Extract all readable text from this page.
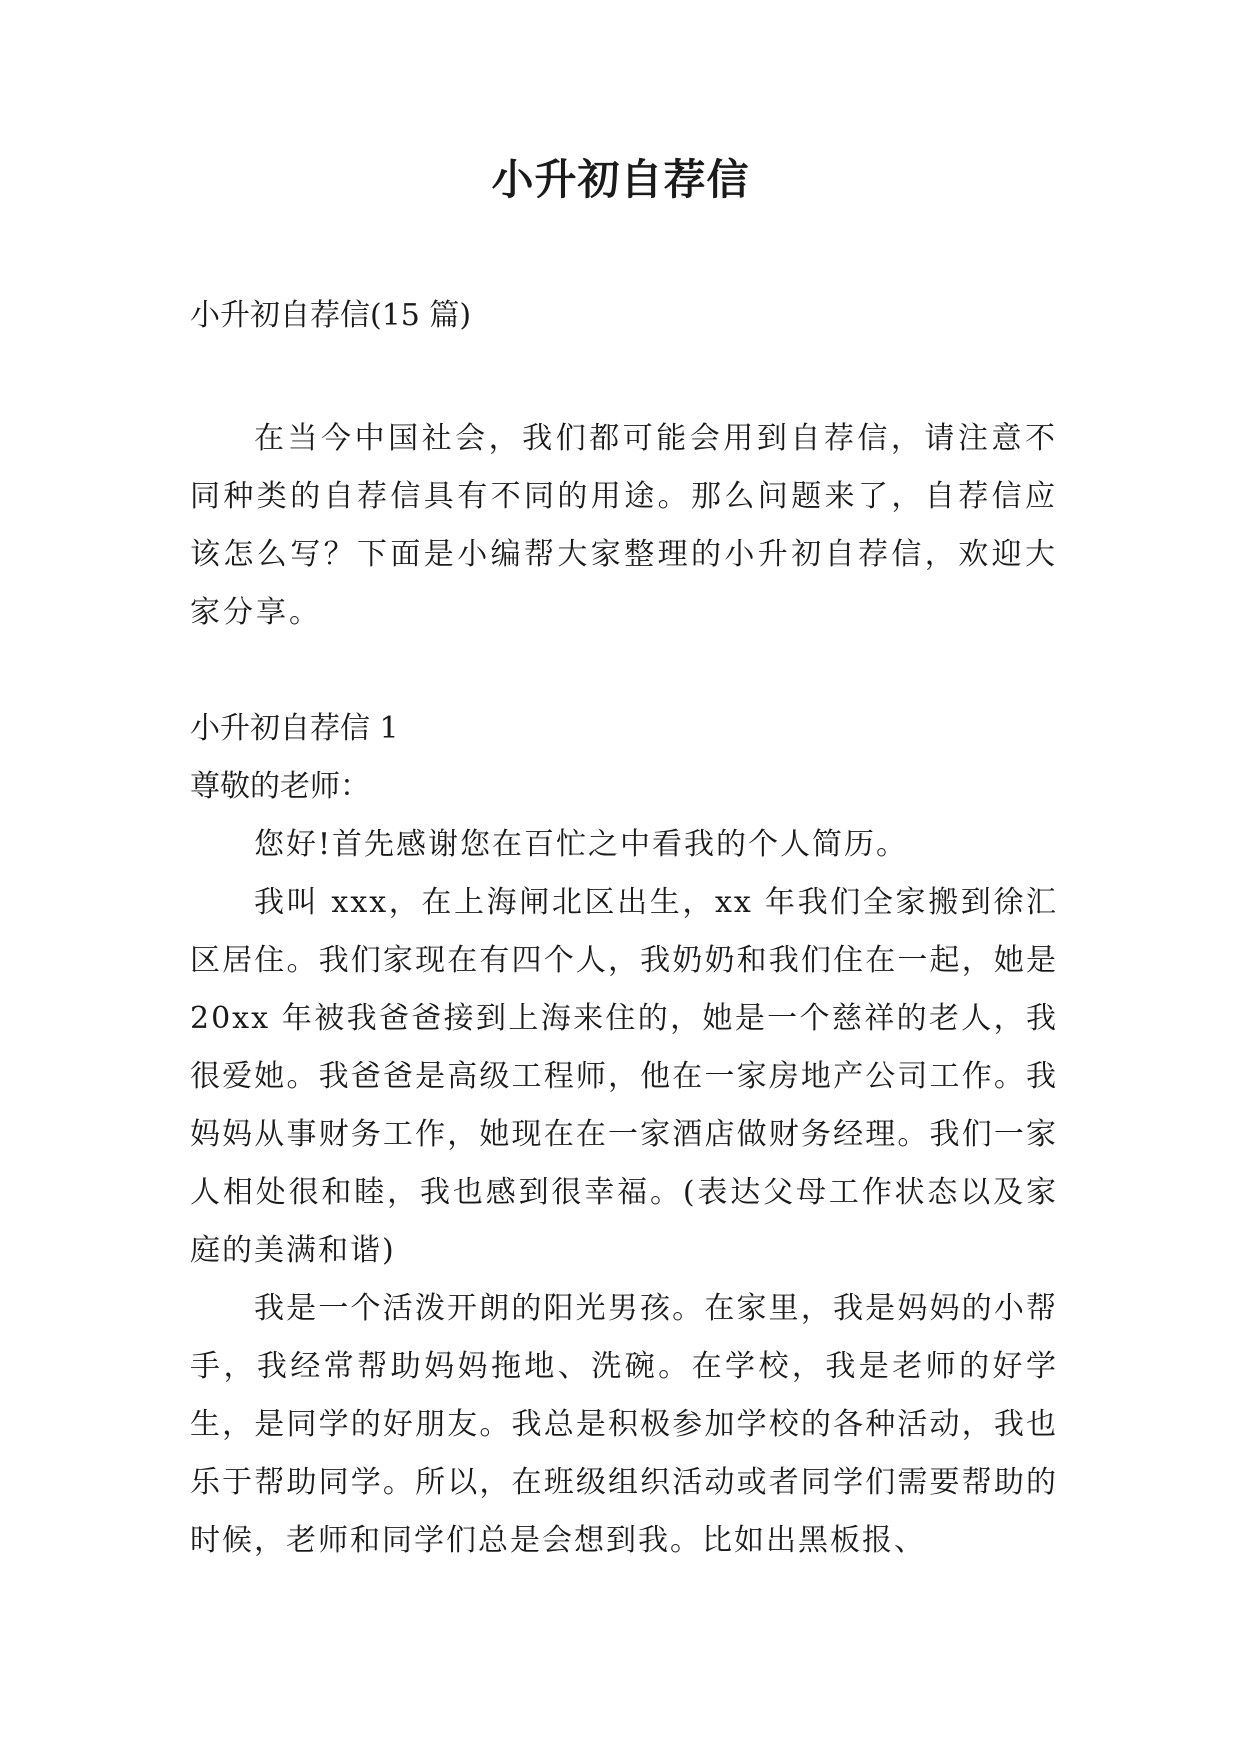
小升初自荐信
小升初自荐信(15 篇)
在当今中国社会，我们都可能会用到自荐信，请注意不同种类的自荐信具有不同的用途。那么问题来了，自荐信应该怎么写？下面是小编帮大家整理的小升初自荐信，欢迎大家分享。
小升初自荐信 1
尊敬的老师：

您好!首先感谢您在百忙之中看我的个人简历。

我叫 xxx，在上海闸北区出生，xx 年我们全家搬到徐汇区居住。我们家现在有四个人，我奶奶和我们住在一起，她是 20xx 年被我爸爸接到上海来住的，她是一个慈祥的老人，我很爱她。我爸爸是高级工程师，他在一家房地产公司工作。我妈妈从事财务工作，她现在在一家酒店做财务经理。我们一家人相处很和睦，我也感到很幸福。(表达父母工作状态以及家庭的美满和谐)

我是一个活泼开朗的阳光男孩。在家里，我是妈妈的小帮手，我经常帮助妈妈拖地、洗碗。在学校，我是老师的好学生，是同学的好朋友。我总是积极参加学校的各种活动，我也乐于帮助同学。所以，在班级组织活动或者同学们需要帮助的时候，老师和同学们总是会想到我。比如出黑板报、
